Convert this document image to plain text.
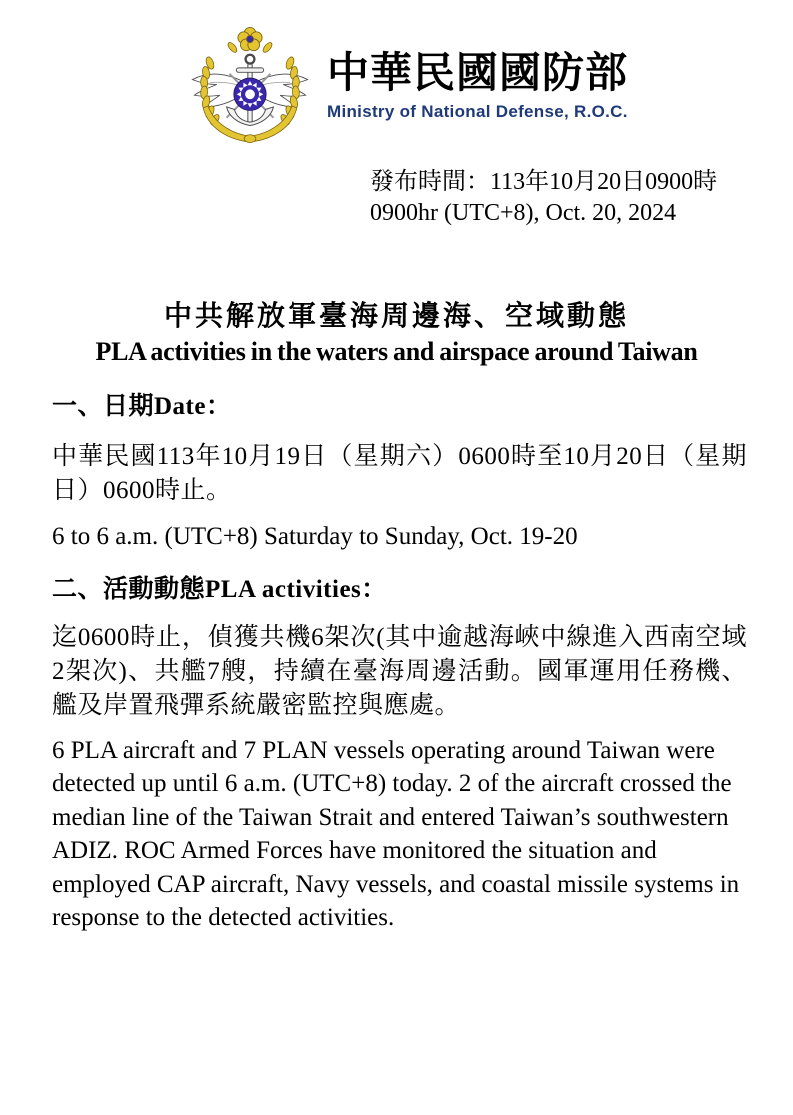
中華民國國防部
Ministry of National Defense, R.O.C.
發布時間：113年10月20日0900時
0900hr (UTC+8), Oct. 20, 2024
中共解放軍臺海周邊海、空域動態
PLA activities in the waters and airspace around Taiwan
一、日期Date：

中華民國113年10月19日（星期六）0600時至10月20日（星期日）0600時止。

6 to 6 a.m. (UTC+8) Saturday to Sunday, Oct. 19-20

二、活動動態PLA activities：

迄0600時止，偵獲共機6架次(其中逾越海峽中線進入西南空域2架次)、共艦7艘，持續在臺海周邊活動。國軍運用任務機、艦及岸置飛彈系統嚴密監控與應處。

6 PLA aircraft and 7 PLAN vessels operating around Taiwan were detected up until 6 a.m. (UTC+8) today. 2 of the aircraft crossed the median line of the Taiwan Strait and entered Taiwan’s southwestern ADIZ. ROC Armed Forces have monitored the situation and employed CAP aircraft, Navy vessels, and coastal missile systems in response to the detected activities.
